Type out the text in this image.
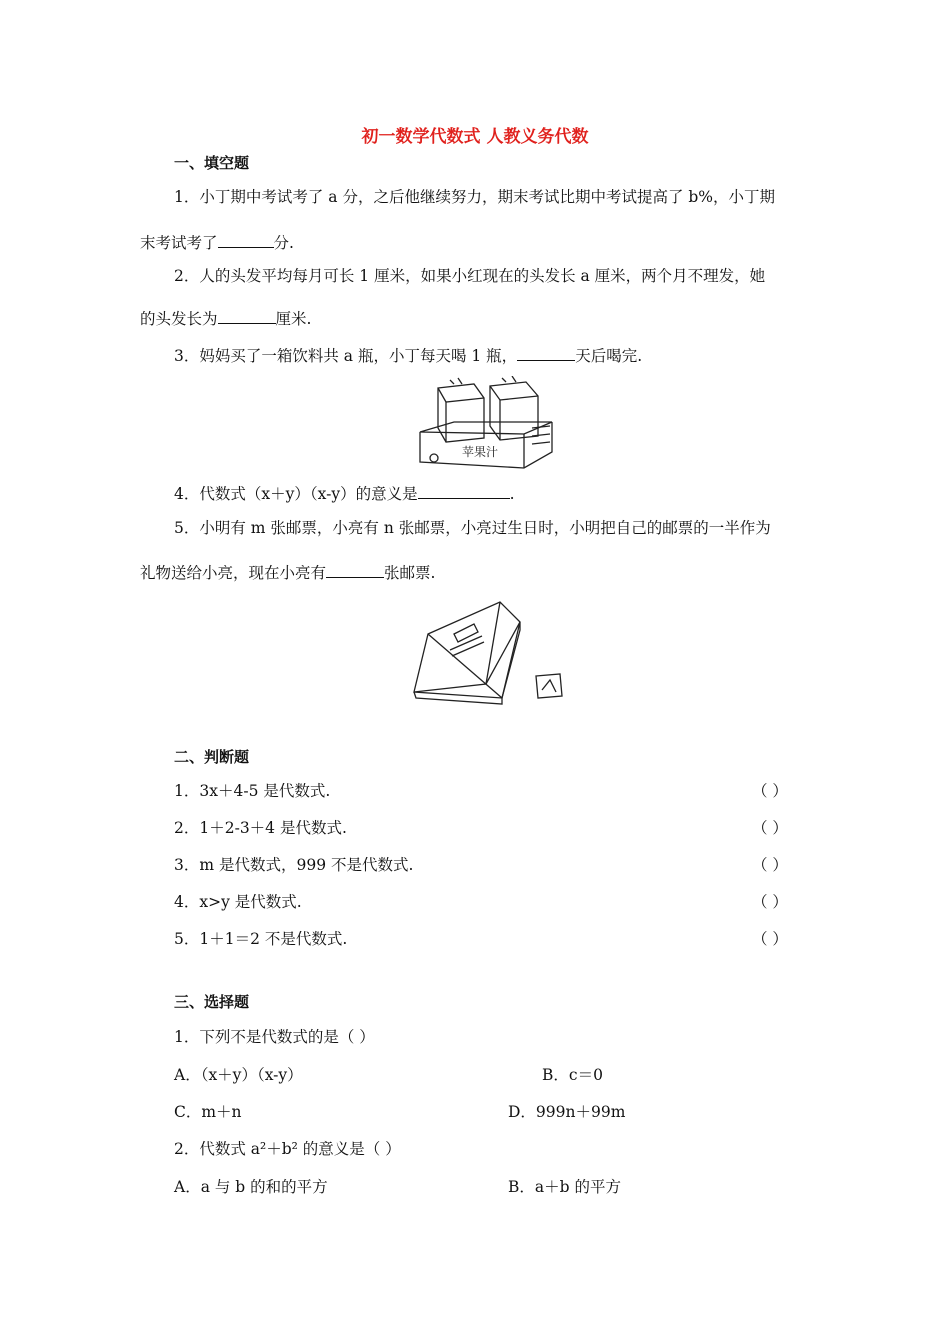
初一数学代数式 人教义务代数
一、填空题
1．小丁期中考试考了 a 分，之后他继续努力，期末考试比期中考试提高了 b%，小丁期
末考试考了	分.
2．人的头发平均每月可长 1 厘米，如果小红现在的头发长 a 厘米，两个月不理发，她
的头发长为	厘米.
3．妈妈买了一箱饮料共 a 瓶，小丁每天喝 1 瓶，	天后喝完.
苹果汁
4．代数式（x＋y）（x-y）的意义是	.
5．小明有 m 张邮票，小亮有 n 张邮票，小亮过生日时，小明把自己的邮票的一半作为
礼物送给小亮，现在小亮有	张邮票.
二、判断题
1．3x＋4-5 是代数式.	（ ）
2．1＋2-3＋4 是代数式.	（ ）
3．m 是代数式，999 不是代数式.	（ ）
4．x>y 是代数式.	（ ）
5．1＋1＝2 不是代数式.	（ ）
三、选择题
1．下列不是代数式的是（ ）
A．（x＋y）（x-y）	B．c＝0
C．m＋n	D．999n＋99m
2．代数式 a²＋b² 的意义是（ ）
A．a 与 b 的和的平方	B．a＋b 的平方
